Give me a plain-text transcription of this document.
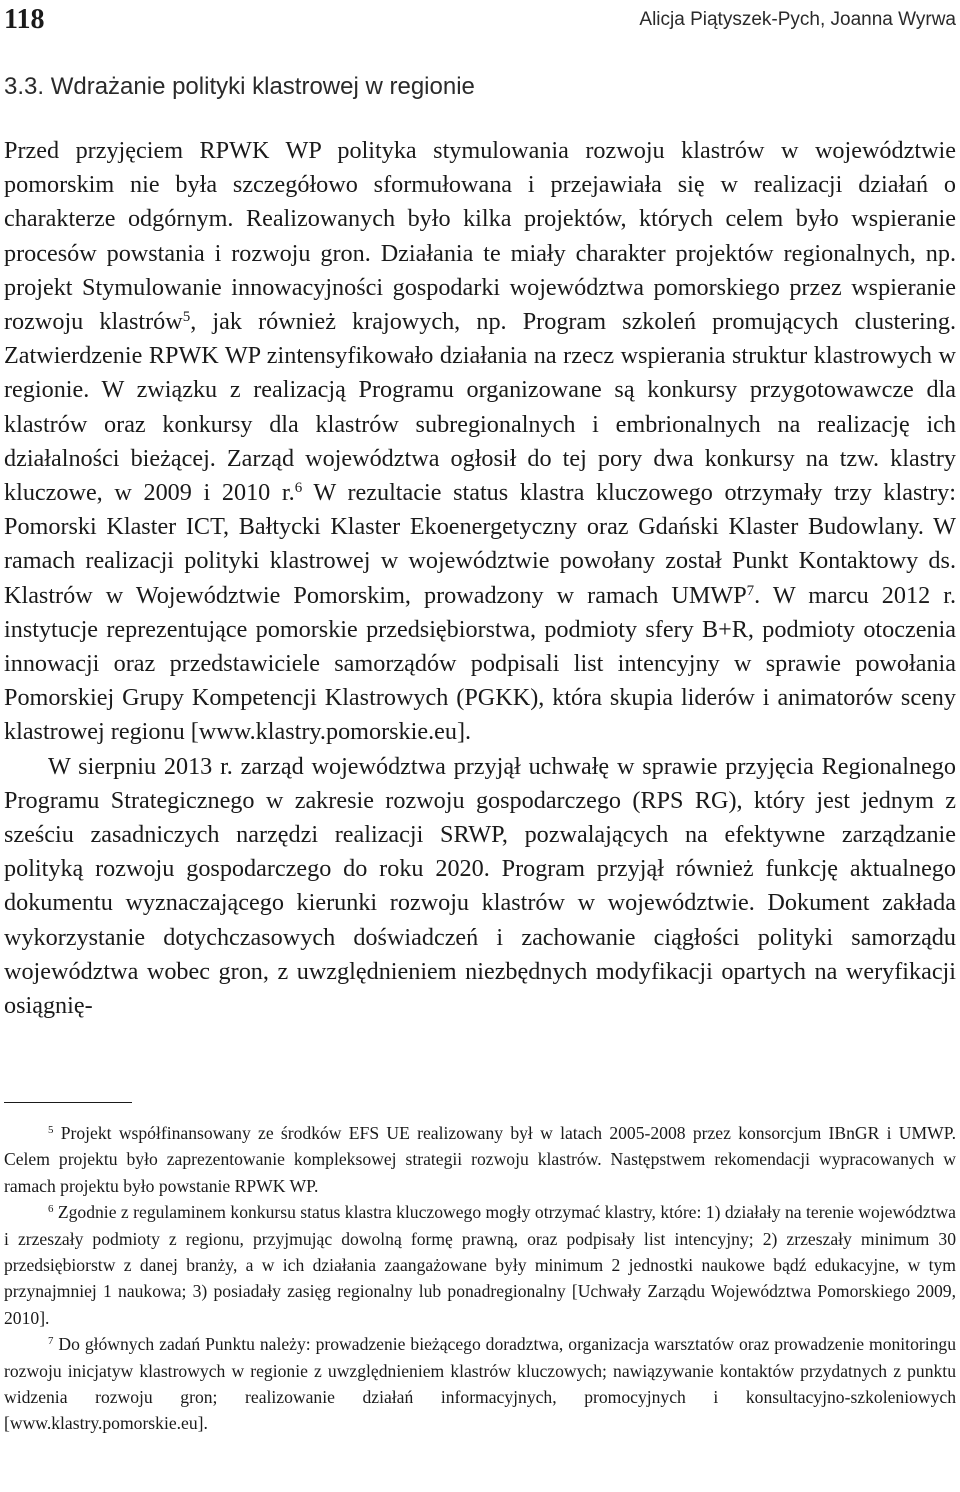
118	Alicja Piątyszek-Pych, Joanna Wyrwa
3.3. Wdrażanie polityki klastrowej w regionie

Przed przyjęciem RPWK WP polityka stymulowania rozwoju klastrów w województwie pomorskim nie była szczegółowo sformułowana i przejawiała się w realizacji działań o charakterze odgórnym. Realizowanych było kilka projektów, których celem było wspieranie procesów powstania i rozwoju gron. Działania te miały charakter projektów regionalnych, np. projekt Stymulowanie innowacyjności gospodarki województwa pomorskiego przez wspieranie rozwoju klastrów$^5$, jak również krajowych, np. Program szkoleń promujących clustering. Zatwierdzenie RPWK WP zintensyfikowało działania na rzecz wspierania struktur klastrowych w regionie. W związku z realizacją Programu organizowane są konkursy przygotowawcze dla klastrów oraz konkursy dla klastrów subregionalnych i embrionalnych na realizację ich działalności bieżącej. Zarząd województwa ogłosił do tej pory dwa konkursy na tzw. klastry kluczowe, w 2009 i 2010 r.$^6$ W rezultacie status klastra kluczowego otrzymały trzy klastry: Pomorski Klaster ICT, Bałtycki Klaster Ekoenergetyczny oraz Gdański Klaster Budowlany. W ramach realizacji polityki klastrowej w województwie powołany został Punkt Kontaktowy ds. Klastrów w Województwie Pomorskim, prowadzony w ramach UMWP$^7$. W marcu 2012 r. instytucje reprezentujące pomorskie przedsiębiorstwa, podmioty sfery B+R, podmioty otoczenia innowacji oraz przedstawiciele samorządów podpisali list intencyjny w sprawie powołania Pomorskiej Grupy Kompetencji Klastrowych (PGKK), która skupia liderów i animatorów sceny klastrowej regionu [www.klastry.pomorskie.eu].

W sierpniu 2013 r. zarząd województwa przyjął uchwałę w sprawie przyjęcia Regionalnego Programu Strategicznego w zakresie rozwoju gospodarczego (RPS RG), który jest jednym z sześciu zasadniczych narzędzi realizacji SRWP, pozwalających na efektywne zarządzanie polityką rozwoju gospodarczego do roku 2020. Program przyjął również funkcję aktualnego dokumentu wyznaczającego kierunki rozwoju klastrów w województwie. Dokument zakłada wykorzystanie dotychczasowych doświadczeń i zachowanie ciągłości polityki samorządu województwa wobec gron, z uwzględnieniem niezbędnych modyfikacji opartych na weryfikacji osiągnię-

$^5$ Projekt współfinansowany ze środków EFS UE realizowany był w latach 2005-2008 przez konsorcjum IBnGR i UMWP. Celem projektu było zaprezentowanie kompleksowej strategii rozwoju klastrów. Następstwem rekomendacji wypracowanych w ramach projektu było powstanie RPWK WP.

$^6$ Zgodnie z regulaminem konkursu status klastra kluczowego mogły otrzymać klastry, które: 1) działały na terenie województwa i zrzeszały podmioty z regionu, przyjmując dowolną formę prawną, oraz podpisały list intencyjny; 2) zrzeszały minimum 30 przedsiębiorstw z danej branży, a w ich działania zaangażowane były minimum 2 jednostki naukowe bądź edukacyjne, w tym przynajmniej 1 naukowa; 3) posiadały zasięg regionalny lub ponadregionalny [Uchwały Zarządu Województwa Pomorskiego 2009, 2010].

$^7$ Do głównych zadań Punktu należy: prowadzenie bieżącego doradztwa, organizacja warsztatów oraz prowadzenie monitoringu rozwoju inicjatyw klastrowych w regionie z uwzględnieniem klastrów kluczowych; nawiązywanie kontaktów przydatnych z punktu widzenia rozwoju gron; realizowanie działań informacyjnych, promocyjnych i konsultacyjno-szkoleniowych [www.klastry.pomorskie.eu].
